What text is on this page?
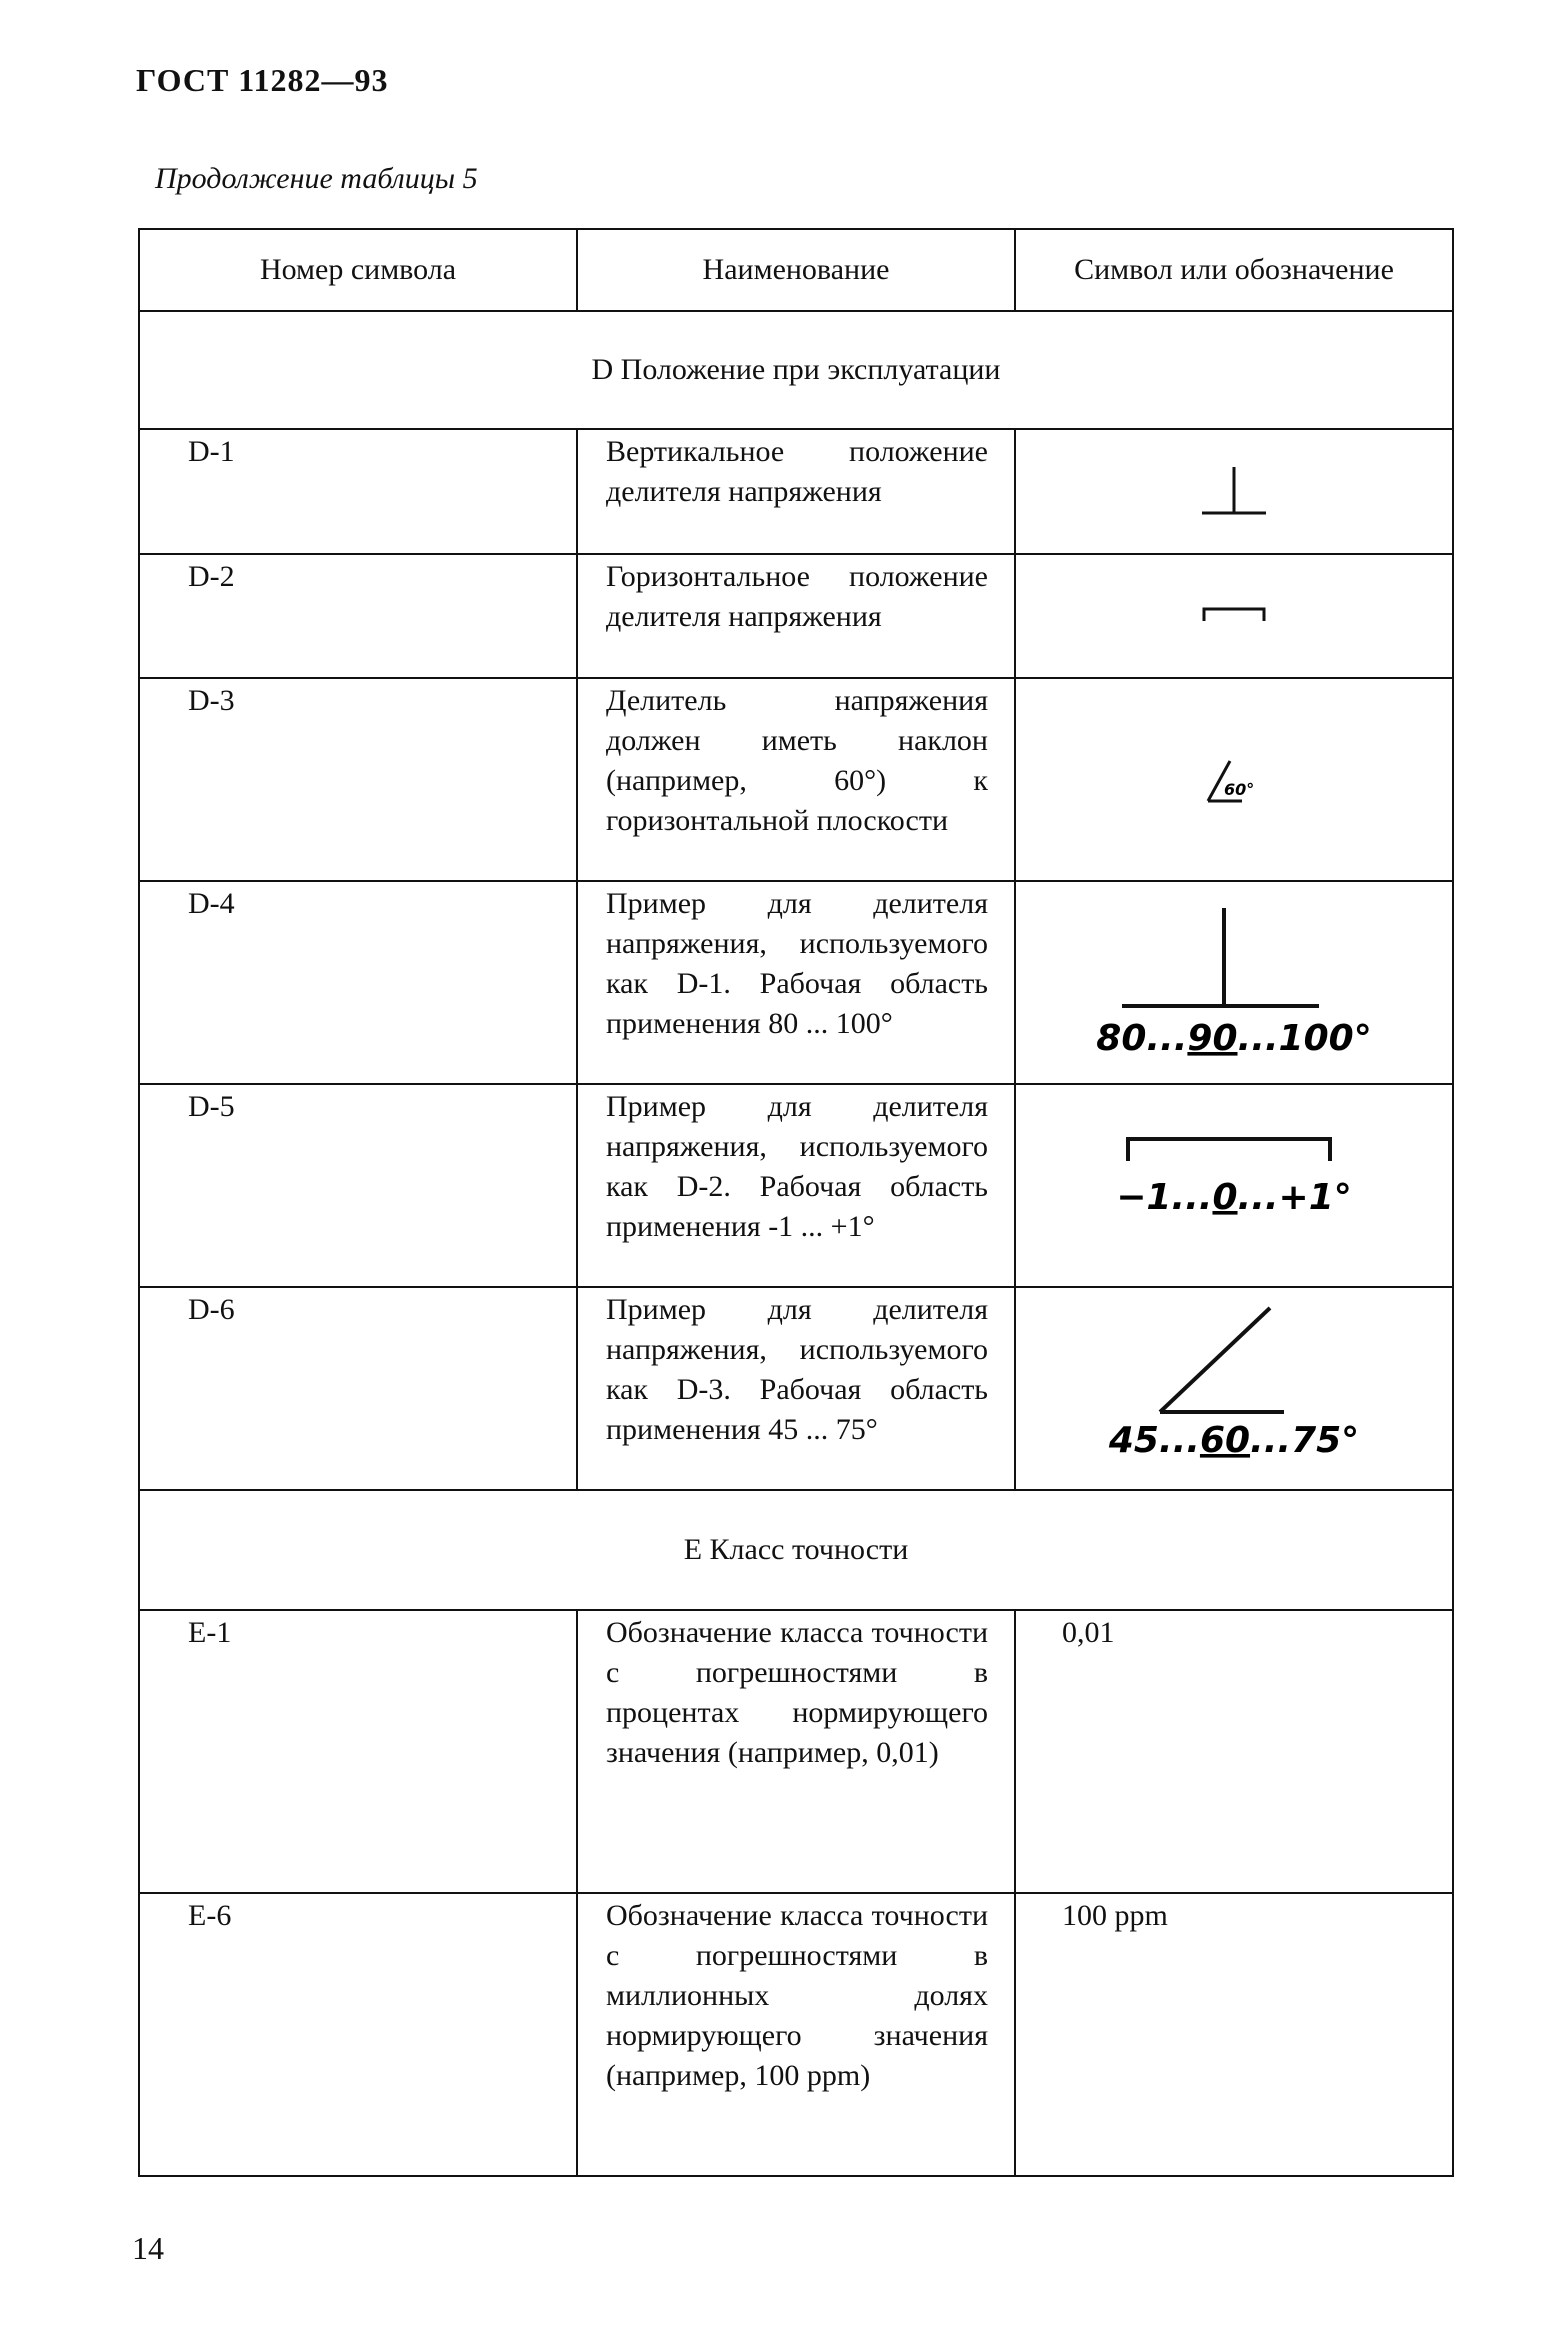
ГОСТ 11282—93
Продолжение таблицы 5
Номер символа	Наименование	Символ или обозначение
D Положение при эксплуатации		
D-1	Вертикальное положение делителя напряжения	

D-2	Горизонтальное положение делителя напряжения	

D-3	Делитель напряжения должен иметь наклон (например, 60°) к горизонтальной плоскости	60°

D-4	Пример для делителя напряжения, используемого как D-1. Рабочая область применения 80 ... 100°	80...90...100°

D-5	Пример для делителя напряжения, используемого как D-2. Рабочая область применения -1 ... +1°	−1...0...+1°

D-6	Пример для делителя напряжения, используемого как D-3. Рабочая область применения 45 ... 75°	45...60...75°

E Класс точности		
E-1	Обозначение класса точности с погрешностями в процентах нормирующего значения (например, 0,01)	0,01
E-6	Обозначение класса точности с погрешностями в миллионных долях нормирующего значения (например, 100 ppm)	100 ppm
14
